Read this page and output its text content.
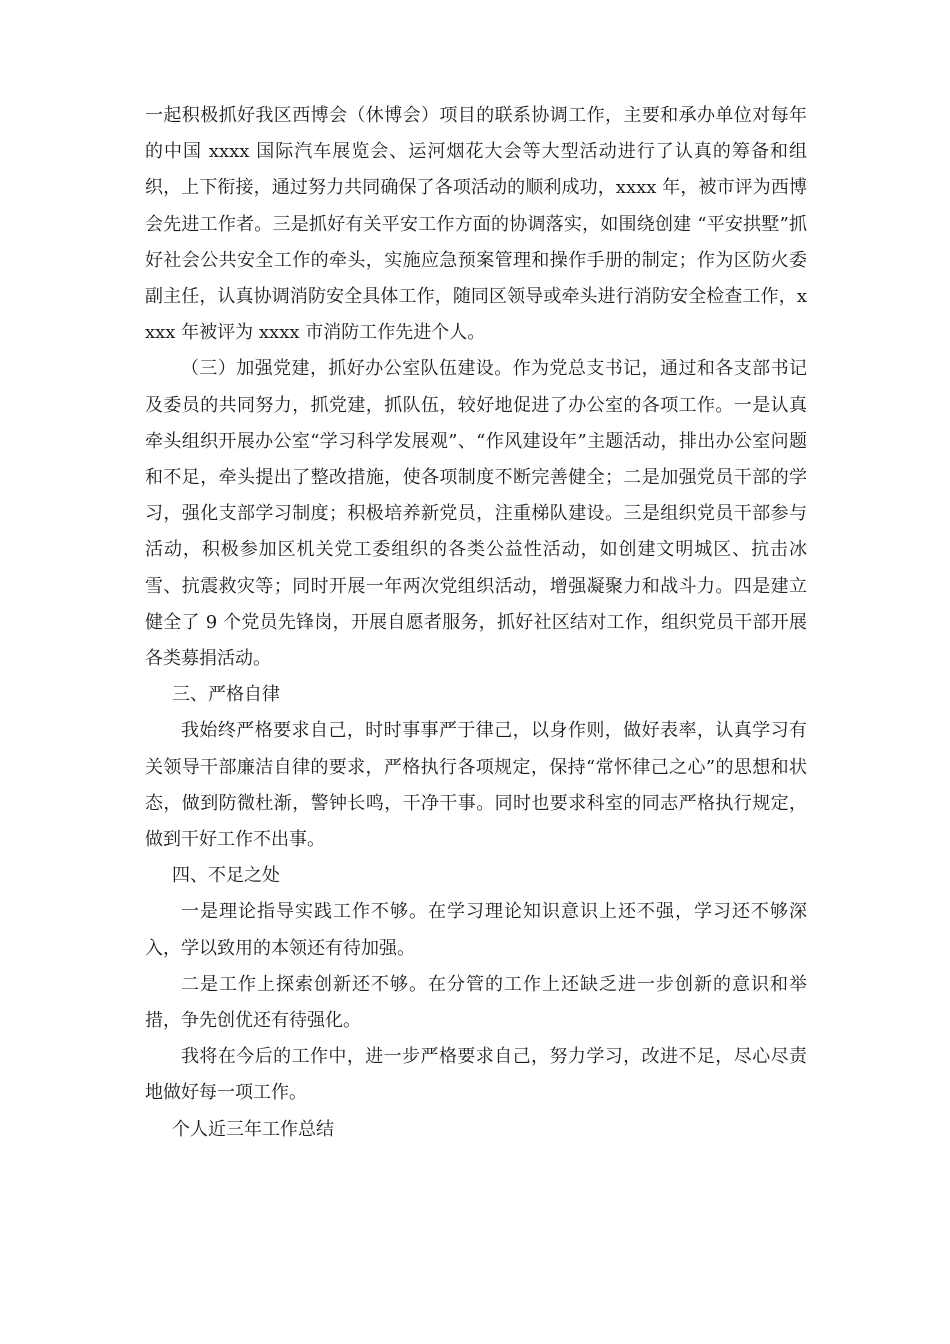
一起积极抓好我区西博会（休博会）项目的联系协调工作，主要和承办单位对每年的中国 xxxx 国际汽车展览会、运河烟花大会等大型活动进行了认真的筹备和组织，上下衔接，通过努力共同确保了各项活动的顺利成功，xxxx 年，被市评为西博会先进工作者。三是抓好有关平安工作方面的协调落实，如围绕创建 “平安拱墅”抓好社会公共安全工作的牵头，实施应急预案管理和操作手册的制定；作为区防火委副主任，认真协调消防安全具体工作，随同区领导或牵头进行消防安全检查工作，xxxx 年被评为 xxxx 市消防工作先进个人。

（三）加强党建，抓好办公室队伍建设。作为党总支书记，通过和各支部书记及委员的共同努力，抓党建，抓队伍，较好地促进了办公室的各项工作。一是认真牵头组织开展办公室“学习科学发展观”、“作风建设年”主题活动，排出办公室问题和不足，牵头提出了整改措施，使各项制度不断完善健全；二是加强党员干部的学习，强化支部学习制度；积极培养新党员，注重梯队建设。三是组织党员干部参与活动，积极参加区机关党工委组织的各类公益性活动，如创建文明城区、抗击冰雪、抗震救灾等；同时开展一年两次党组织活动，增强凝聚力和战斗力。四是建立健全了 9 个党员先锋岗，开展自愿者服务，抓好社区结对工作，组织党员干部开展各类募捐活动。

三、严格自律

我始终严格要求自己，时时事事严于律己，以身作则，做好表率，认真学习有关领导干部廉洁自律的要求，严格执行各项规定，保持“常怀律己之心”的思想和状态，做到防微杜渐，警钟长鸣，干净干事。同时也要求科室的同志严格执行规定，做到干好工作不出事。

四、不足之处

一是理论指导实践工作不够。在学习理论知识意识上还不强，学习还不够深入，学以致用的本领还有待加强。

二是工作上探索创新还不够。在分管的工作上还缺乏进一步创新的意识和举措，争先创优还有待强化。

我将在今后的工作中，进一步严格要求自己，努力学习，改进不足，尽心尽责地做好每一项工作。

个人近三年工作总结
